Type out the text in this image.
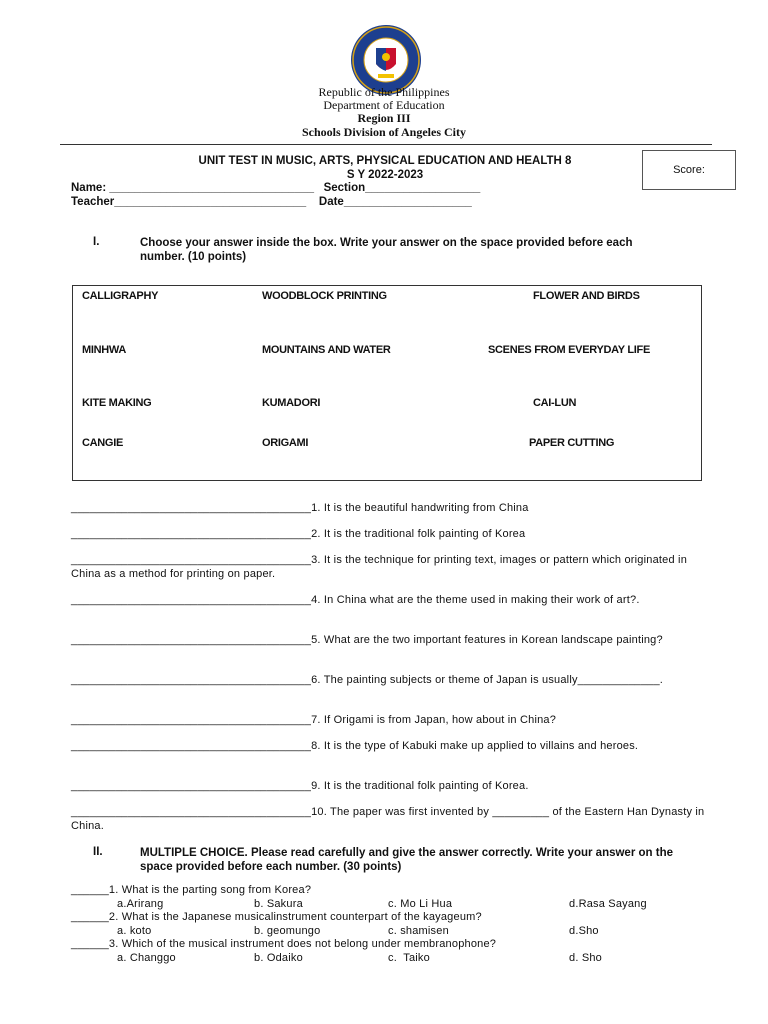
Republic of the Philippines
Department of Education
Region III
Schools Division of Angeles City
UNIT TEST IN MUSIC, ARTS, PHYSICAL EDUCATION AND HEALTH 8
S Y 2022-2023	Score:
Name: ________________________________   Section__________________
Teacher______________________________    Date____________________
I.	Choose your answer inside the box. Write your answer on the space provided before each number. (10 points)
CALLIGRAPHY	WOODBLOCK PRINTING	FLOWER AND BIRDS
MINHWA	MOUNTAINS AND WATER	SCENES FROM EVERYDAY LIFE
KITE MAKING	KUMADORI	CAI-LUN
CANGIE	ORIGAMI	PAPER CUTTING
______________________________________1. It is the beautiful handwriting from China
______________________________________2. It is the traditional folk painting of Korea
______________________________________3. It is the technique for printing text, images or pattern which originated in China as a method for printing on paper.
______________________________________4. In China what are the theme used in making their work of art?.
______________________________________5. What are the two important features in Korean landscape painting?
______________________________________6. The painting subjects or theme of Japan is usually_____________.
______________________________________7. If Origami is from Japan, how about in China?
______________________________________8. It is the type of Kabuki make up applied to villains and heroes.
______________________________________9. It is the traditional folk painting of Korea.
______________________________________10. The paper was first invented by _________ of the Eastern Han Dynasty in China.
II.	MULTIPLE CHOICE. Please read carefully and give the answer correctly. Write your answer on the space provided before each number. (30 points)
______1. What is the parting song from Korea?
a.Arirang	b. Sakura	c. Mo Li Hua	d.Rasa Sayang
______2. What is the Japanese musicalinstrument counterpart of the kayageum?
a. koto	b. geomungo	c. shamisen	d.Sho
______3. Which of the musical instrument does not belong under membranophone?
a. Changgo	b. Odaiko	c.  Taiko	d. Sho
